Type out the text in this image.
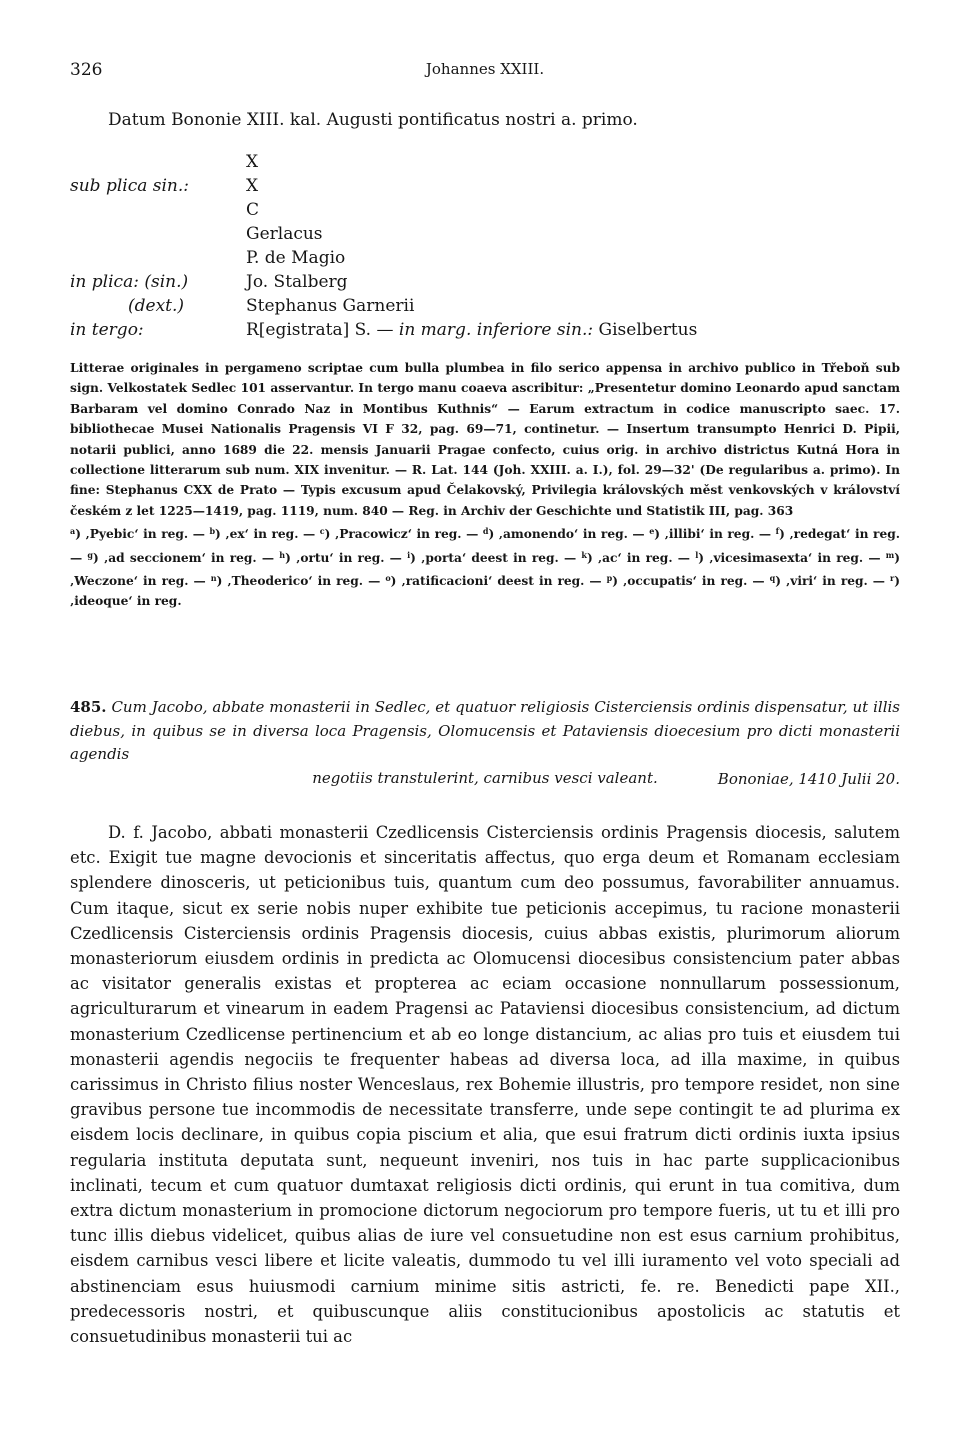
326	Johannes XXIII.
Datum Bononie XIII. kal. Augusti pontificatus nostri a. primo.
X
sub plica sin.:	X
C
Gerlacus
P. de Magio
in plica: (sin.)	Jo. Stalberg
(dext.)	Stephanus Garnerii
in tergo:	R[egistrata] S. — in marg. inferiore sin.: Giselbertus

Litterae originales in pergameno scriptae cum bulla plumbea in filo serico appensa in archivo publico in Třeboň sub sign. Velkostatek Sedlec 101 asservantur. In tergo manu coaeva ascribitur: „Presentetur domino Leonardo apud sanctam Barbaram vel domino Conrado Naz in Montibus Kuthnis“ — Earum extractum in codice manuscripto saec. 17. bibliothecae Musei Nationalis Pragensis VI F 32, pag. 69—71, continetur. — Insertum transumpto Henrici D. Pipii, notarii publici, anno 1689 die 22. mensis Januarii Pragae confecto, cuius orig. in archivo districtus Kutná Hora in collectione litterarum sub num. XIX invenitur. — R. Lat. 144 (Joh. XXIII. a. I.), fol. 29—32' (De regularibus a. primo). In fine: Stephanus CXX de Prato — Typis excusum apud Čelakovský, Privilegia královských měst venkovských v království českém z let 1225—1419, pag. 1119, num. 840 — Reg. in Archiv der Geschichte und Statistik III, pag. 363

$^a$) ‚Pyebic‘ in reg. — $^b$) ‚ex‘ in reg. — $^c$) ‚Pracowicz‘ in reg. — $^d$) ‚amonendo‘ in reg. — $^e$) ‚illibi‘ in reg. — $^f$) ‚redegat‘ in reg. — $^g$) ‚ad seccionem‘ in reg. — $^h$) ‚ortu‘ in reg. — $^i$) ‚porta‘ deest in reg. — $^k$) ‚ac‘ in reg. — $^l$) ‚vicesimasexta‘ in reg. — $^m$) ‚Weczone‘ in reg. — $^n$) ‚Theoderico‘ in reg. — $^o$) ‚ratificacioni‘ deest in reg. — $^p$) ‚occupatis‘ in reg. — $^q$) ‚viri‘ in reg. — $^r$) ‚ideoque‘ in reg.

485. Cum Jacobo, abbate monasterii in Sedlec, et quatuor religiosis Cisterciensis ordinis dispensatur, ut illis diebus, in quibus se in diversa loca Pragensis, Olomucensis et Pataviensis dioecesium pro dicti monasterii agendis
negotiis transtulerint, carnibus vesci valeant.	Bononiae, 1410 Julii 20.

D. f. Jacobo, abbati monasterii Czedlicensis Cisterciensis ordinis Pragensis diocesis, salutem etc. Exigit tue magne devocionis et sinceritatis affectus, quo erga deum et Romanam ecclesiam splendere dinosceris, ut peticionibus tuis, quantum cum deo possumus, favorabiliter annuamus. Cum itaque, sicut ex serie nobis nuper exhibite tue peticionis accepimus, tu racione monasterii Czedlicensis Cisterciensis ordinis Pragensis diocesis, cuius abbas existis, plurimorum aliorum monasteriorum eiusdem ordinis in predicta ac Olomucensi diocesibus consistencium pater abbas ac visitator generalis existas et propterea ac eciam occasione nonnullarum possessionum, agriculturarum et vinearum in eadem Pragensi ac Pataviensi diocesibus consistencium, ad dictum monasterium Czedlicense pertinencium et ab eo longe distancium, ac alias pro tuis et eiusdem tui monasterii agendis negociis te frequenter habeas ad diversa loca, ad illa maxime, in quibus carissimus in Christo filius noster Wenceslaus, rex Bohemie illustris, pro tempore residet, non sine gravibus persone tue incommodis de necessitate transferre, unde sepe contingit te ad plurima ex eisdem locis declinare, in quibus copia piscium et alia, que esui fratrum dicti ordinis iuxta ipsius regularia instituta deputata sunt, nequeunt inveniri, nos tuis in hac parte supplicacionibus inclinati, tecum et cum quatuor dumtaxat religiosis dicti ordinis, qui erunt in tua comitiva, dum extra dictum monasterium in promocione dictorum negociorum pro tempore fueris, ut tu et illi pro tunc illis diebus videlicet, quibus alias de iure vel consuetudine non est esus carnium prohibitus, eisdem carnibus vesci libere et licite valeatis, dummodo tu vel illi iuramento vel voto speciali ad abstinenciam esus huiusmodi carnium minime sitis astricti, fe. re. Benedicti pape XII., predecessoris nostri, et quibuscunque aliis constitucionibus apostolicis ac statutis et consuetudinibus monasterii tui ac
